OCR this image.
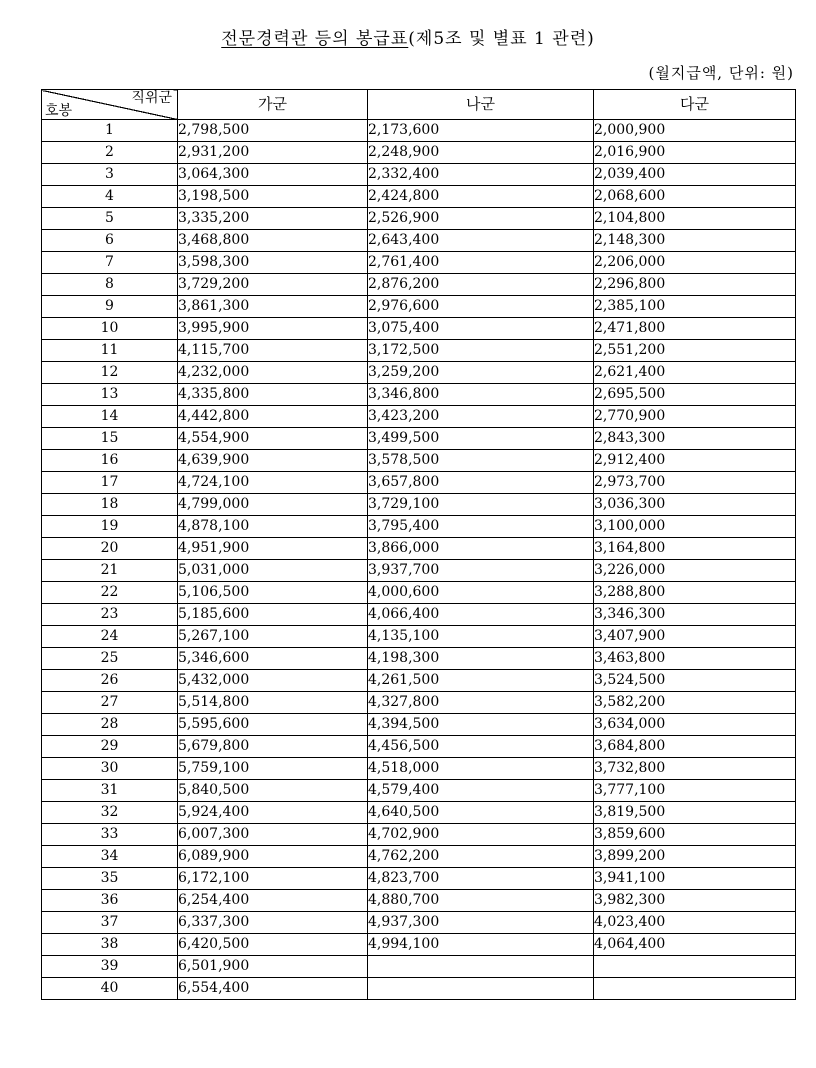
전문경력관 등의 봉급표(제5조 및 별표 1 관련)
(월지급액, 단위: 원)
직위군
호봉	가군	나군	다군
1	2,798,500	2,173,600	2,000,900
2	2,931,200	2,248,900	2,016,900
3	3,064,300	2,332,400	2,039,400
4	3,198,500	2,424,800	2,068,600
5	3,335,200	2,526,900	2,104,800
6	3,468,800	2,643,400	2,148,300
7	3,598,300	2,761,400	2,206,000
8	3,729,200	2,876,200	2,296,800
9	3,861,300	2,976,600	2,385,100
10	3,995,900	3,075,400	2,471,800
11	4,115,700	3,172,500	2,551,200
12	4,232,000	3,259,200	2,621,400
13	4,335,800	3,346,800	2,695,500
14	4,442,800	3,423,200	2,770,900
15	4,554,900	3,499,500	2,843,300
16	4,639,900	3,578,500	2,912,400
17	4,724,100	3,657,800	2,973,700
18	4,799,000	3,729,100	3,036,300
19	4,878,100	3,795,400	3,100,000
20	4,951,900	3,866,000	3,164,800
21	5,031,000	3,937,700	3,226,000
22	5,106,500	4,000,600	3,288,800
23	5,185,600	4,066,400	3,346,300
24	5,267,100	4,135,100	3,407,900
25	5,346,600	4,198,300	3,463,800
26	5,432,000	4,261,500	3,524,500
27	5,514,800	4,327,800	3,582,200
28	5,595,600	4,394,500	3,634,000
29	5,679,800	4,456,500	3,684,800
30	5,759,100	4,518,000	3,732,800
31	5,840,500	4,579,400	3,777,100
32	5,924,400	4,640,500	3,819,500
33	6,007,300	4,702,900	3,859,600
34	6,089,900	4,762,200	3,899,200
35	6,172,100	4,823,700	3,941,100
36	6,254,400	4,880,700	3,982,300
37	6,337,300	4,937,300	4,023,400
38	6,420,500	4,994,100	4,064,400
39	6,501,900		
40	6,554,400		
